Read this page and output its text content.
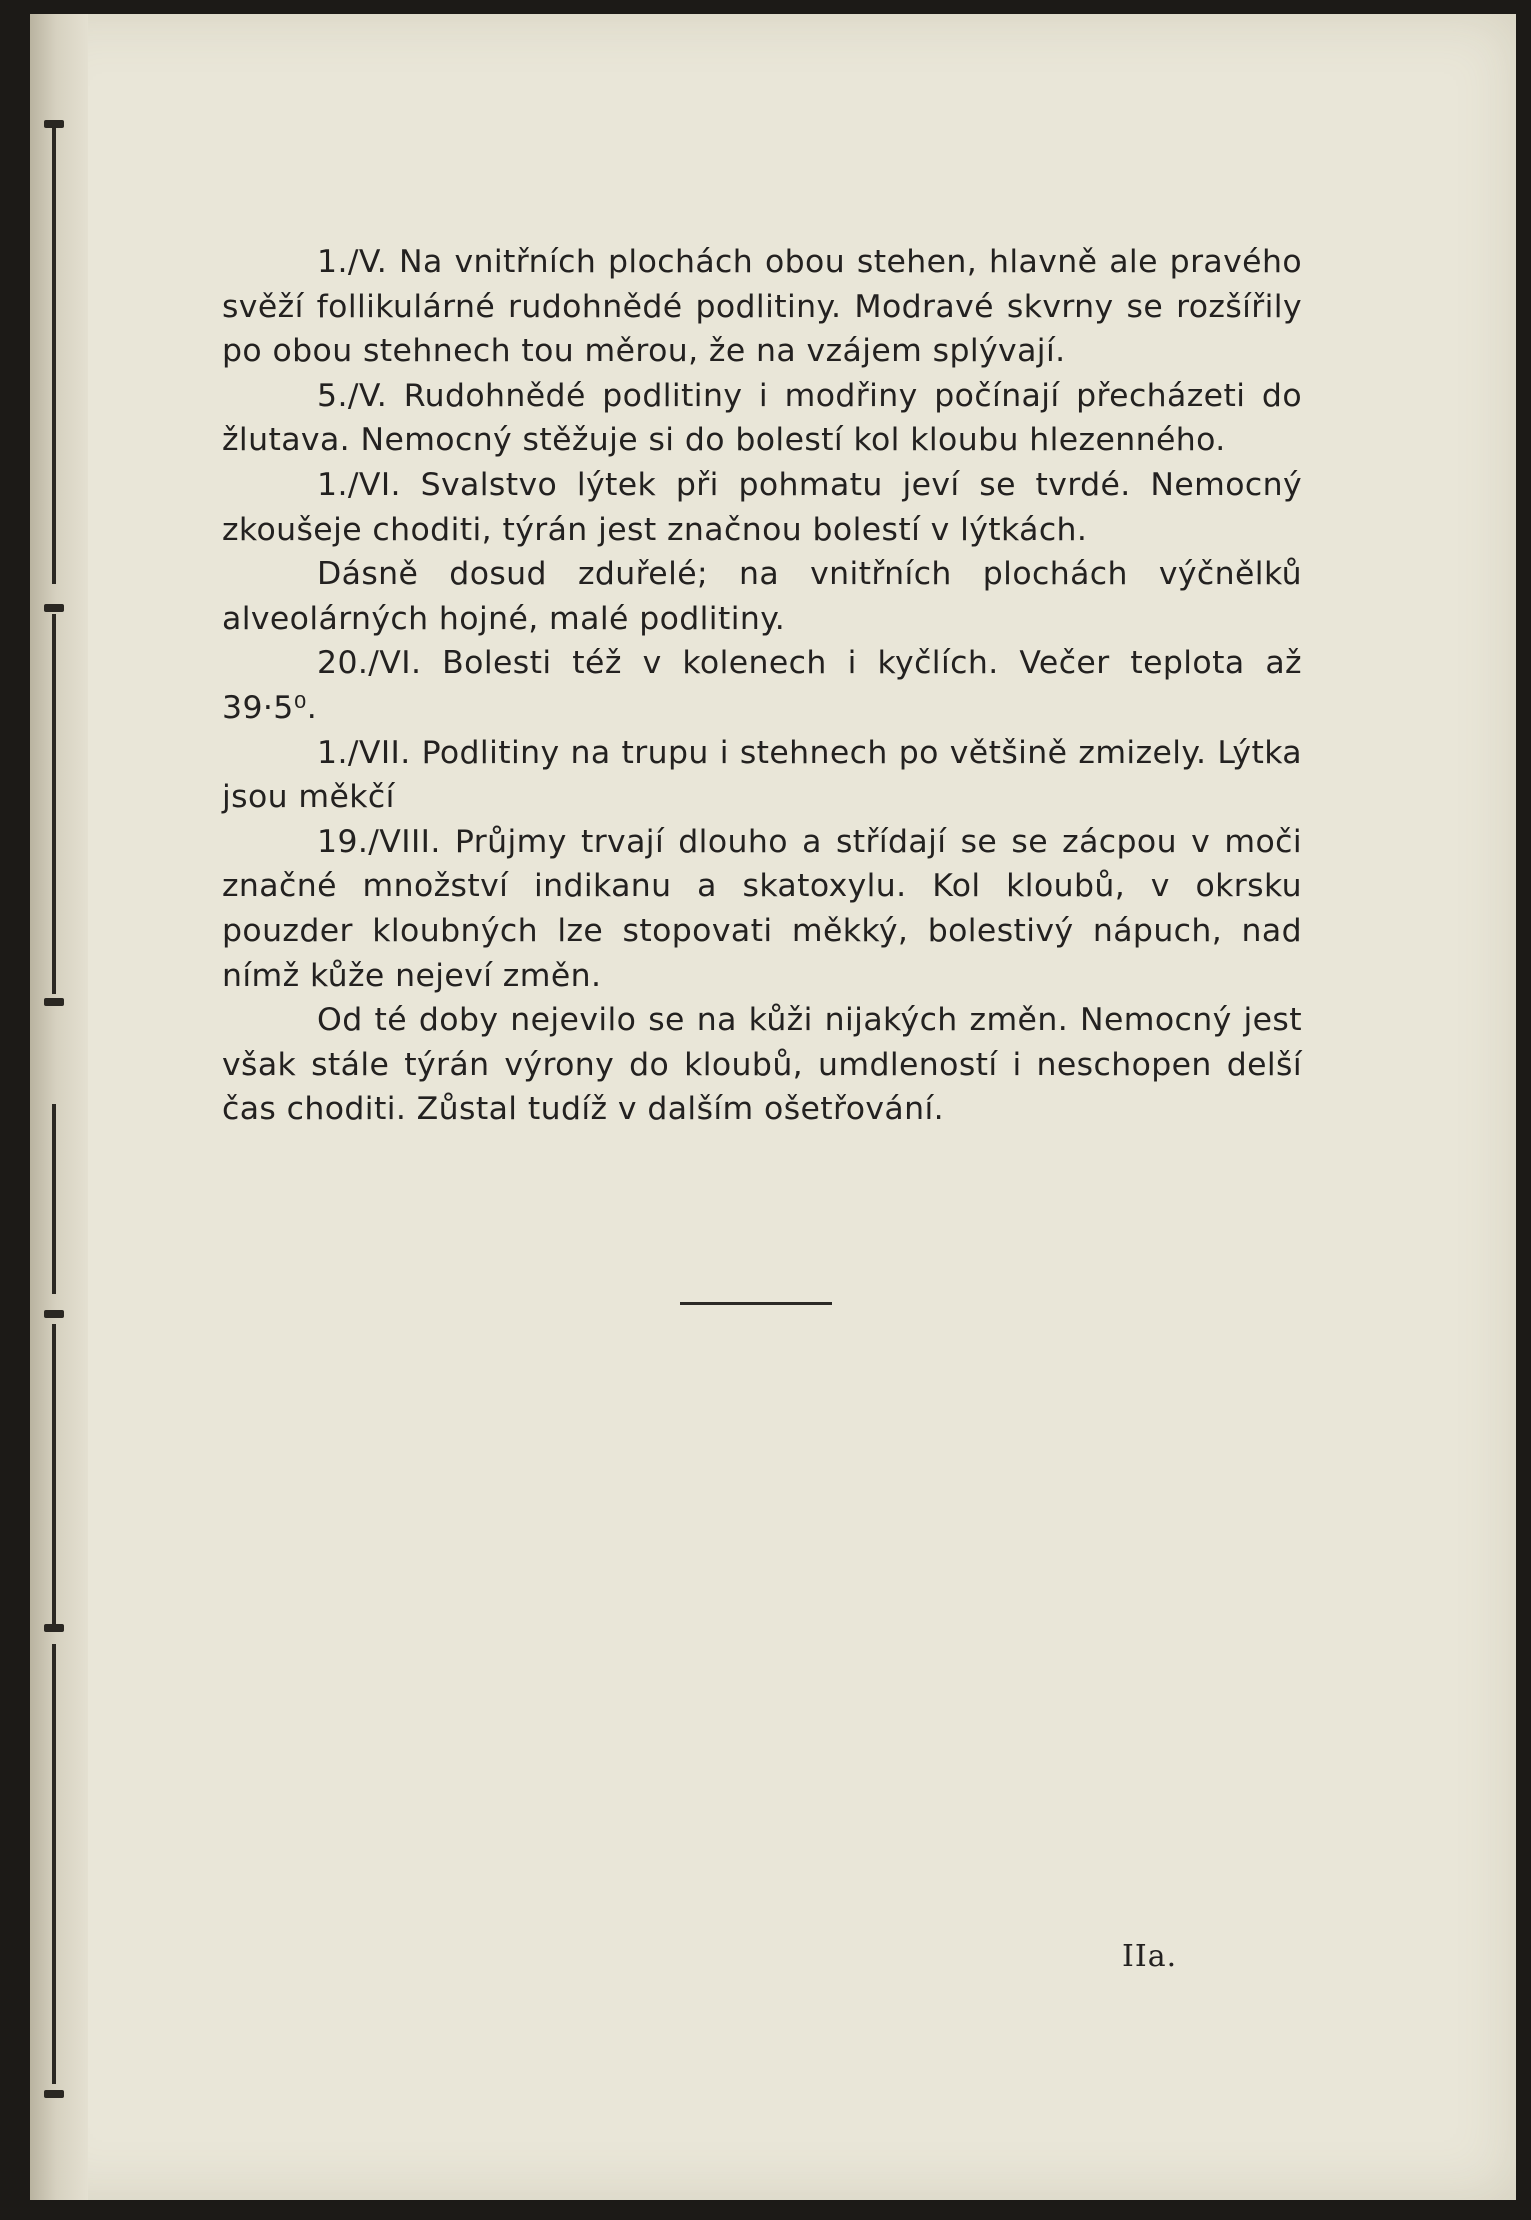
1./V. Na vnitřních plochách obou stehen, hlavně ale pravého svěží follikulárné rudohnědé podlitiny. Modravé skvrny se rozšířily po obou stehnech tou měrou, že na vzájem splývají.

5./V. Rudohnědé podlitiny i modřiny počínají přecházeti do žlutava. Nemocný stěžuje si do bolestí kol kloubu hlezenného.

1./VI. Svalstvo lýtek při pohmatu jeví se tvrdé. Nemocný zkoušeje choditi, týrán jest značnou bolestí v lýtkách.

Dásně dosud zduřelé; na vnitřních plochách výčnělků alveolárných hojné, malé podlitiny.

20./VI. Bolesti též v kolenech i kyčlích. Večer teplota až 39·5⁰.

1./VII. Podlitiny na trupu i stehnech po většině zmizely. Lýtka jsou měkčí

19./VIII. Průjmy trvají dlouho a střídají se se zácpou v moči značné množství indikanu a skatoxylu. Kol kloubů, v okrsku pouzder kloubných lze stopovati měkký, bolestivý nápuch, nad nímž kůže nejeví změn.

Od té doby nejevilo se na kůži nijakých změn. Nemocný jest však stále týrán výrony do kloubů, umdleností i neschopen delší čas choditi. Zůstal tudíž v dalším ošetřování.

IIa.
